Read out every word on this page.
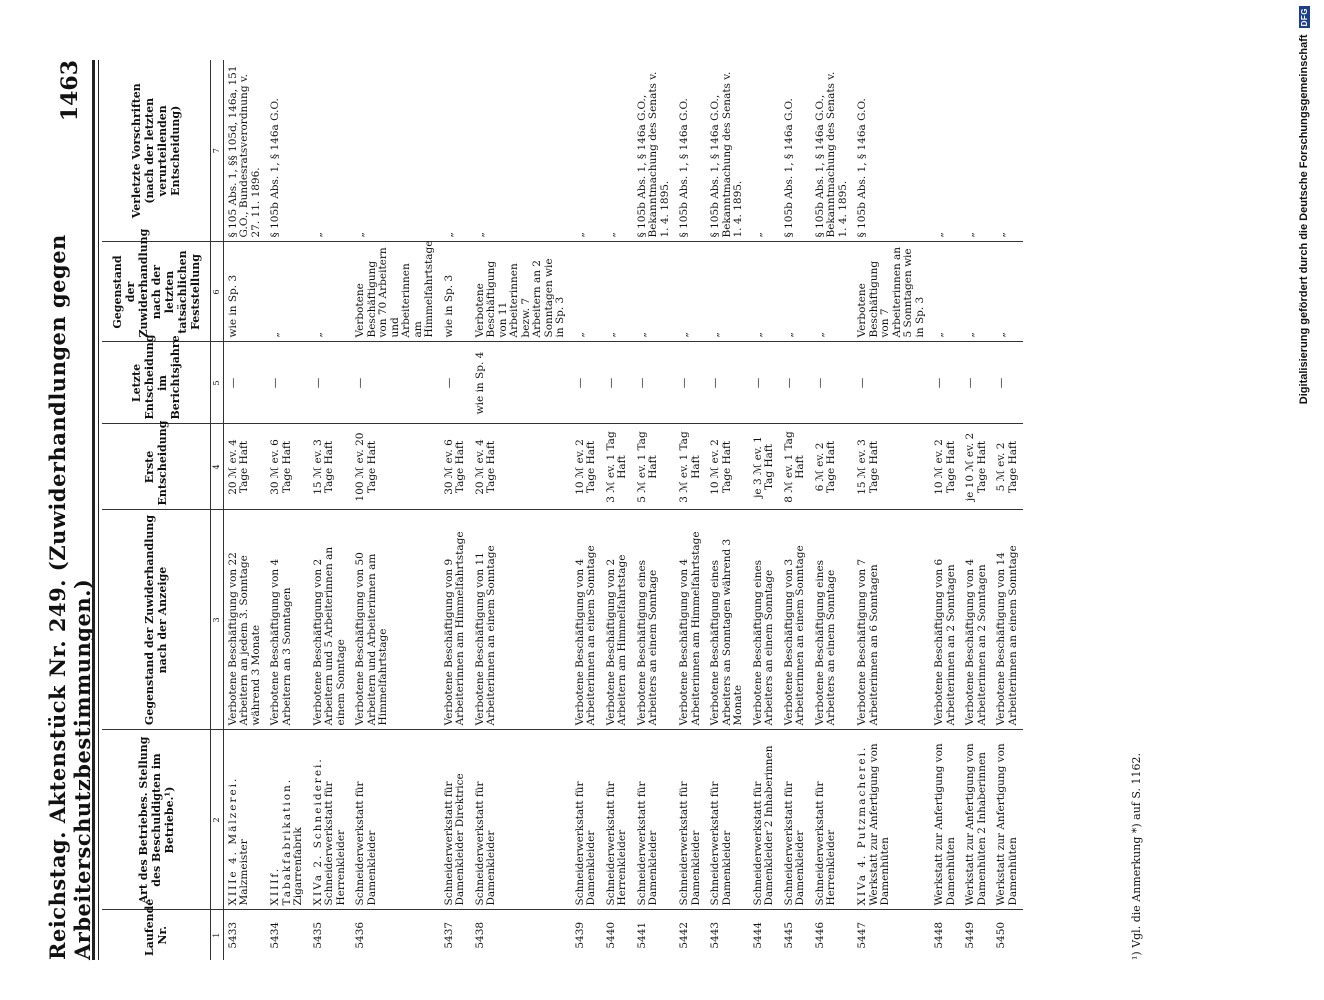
Reichstag. Aktenstück Nr. 249. (Zuwiderhandlungen gegen Arbeiterschutzbestimmungen.)
1463
Laufende Nr.	Art des Betriebes. Stellung des Beschuldigten im Betriebe.¹)	Gegenstand der Zuwiderhandlung nach der Anzeige	Erste Entscheidung	Letzte Entscheidung im Berichtsjahre	Gegenstand der Zuwiderhandlung nach der letzten tatsächlichen Feststellung	Verletzte Vorschriften (nach der letzten verurteilenden Entscheidung)
1	2	3	4	5	6	7
5433	XIIIe 4. Mälzerei. Malzmeister	Verbotene Beschäftigung von 22 Arbeitern an jedem 3. Sonntage während 3 Monate	20 ℳ ev. 4 Tage Haft	—	wie in Sp. 3	§ 105 Abs. 1, §§ 105d, 146a, 151 G.O., Bundesratsverordnung v. 27. 11. 1896.
5434	XIIIf. Tabakfabrikation. Zigarrenfabrik	Verbotene Beschäftigung von 4 Arbeitern an 3 Sonntagen	30 ℳ ev. 6 Tage Haft	—	„	§ 105b Abs. 1, § 146a G.O.
5435	XIVa 2. Schneiderei. Schneiderwerkstatt für Herrenkleider	Verbotene Beschäftigung von 2 Arbeitern und 5 Arbeiterinnen an einem Sonntage	15 ℳ ev. 3 Tage Haft	—	„	„
5436	Schneiderwerkstatt für Damenkleider	Verbotene Beschäftigung von 50 Arbeitern und Arbeiterinnen am Himmelfahrtstage	100 ℳ ev. 20 Tage Haft	—	Verbotene Beschäftigung von 70 Arbeitern und Arbeiterinnen am Himmelfahrtstage	„
5437	Schneiderwerkstatt für Damenkleider Direktrice	Verbotene Beschäftigung von 9 Arbeiterinnen am Himmelfahrtstage	30 ℳ ev. 6 Tage Haft	—	wie in Sp. 3	„
5438	Schneiderwerkstatt für Damenkleider	Verbotene Beschäftigung von 11 Arbeiterinnen an einem Sonntage	20 ℳ ev. 4 Tage Haft	wie in Sp. 4	Verbotene Beschäftigung von 11 Arbeiterinnen bezw. 7 Arbeitern an 2 Sonntagen wie in Sp. 3	„
5439	Schneiderwerkstatt für Damenkleider	Verbotene Beschäftigung von 4 Arbeiterinnen an einem Sonntage	10 ℳ ev. 2 Tage Haft	—	„	„
5440	Schneiderwerkstatt für Herrenkleider	Verbotene Beschäftigung von 2 Arbeitern am Himmelfahrtstage	3 ℳ ev. 1 Tag Haft	—	„	„
5441	Schneiderwerkstatt für Damenkleider	Verbotene Beschäftigung eines Arbeiters an einem Sonntage	5 ℳ ev. 1 Tag Haft	—	„	§ 105b Abs. 1, § 146a G.O., Bekanntmachung des Senats v. 1. 4. 1895.
5442	Schneiderwerkstatt für Damenkleider	Verbotene Beschäftigung von 4 Arbeiterinnen am Himmelfahrtstage	3 ℳ ev. 1 Tag Haft	—	„	§ 105b Abs. 1, § 146a G.O.
5443	Schneiderwerkstatt für Damenkleider	Verbotene Beschäftigung eines Arbeiters an Sonntagen während 3 Monate	10 ℳ ev. 2 Tage Haft	—	„	§ 105b Abs. 1, § 146a G.O., Bekanntmachung des Senats v. 1. 4. 1895.
5444	Schneiderwerkstatt für Damenkleider 2 Inhaberinnen	Verbotene Beschäftigung eines Arbeiters an einem Sonntage	je 3 ℳ ev. 1 Tag Haft	—	„	„
5445	Schneiderwerkstatt für Damenkleider	Verbotene Beschäftigung von 3 Arbeiterinnen an einem Sonntage	8 ℳ ev. 1 Tag Haft	—	„	§ 105b Abs. 1, § 146a G.O.
5446	Schneiderwerkstatt für Herrenkleider	Verbotene Beschäftigung eines Arbeiters an einem Sonntage	6 ℳ ev. 2 Tage Haft	—	„	§ 105b Abs. 1, § 146a G.O., Bekanntmachung des Senats v. 1. 4. 1895.
5447	XIVa 4. Putzmacherei. Werkstatt zur Anfertigung von Damenhüten	Verbotene Beschäftigung von 7 Arbeiterinnen an 6 Sonntagen	15 ℳ ev. 3 Tage Haft	—	Verbotene Beschäftigung von 7 Arbeiterinnen an 5 Sonntagen wie in Sp. 3	§ 105b Abs. 1, § 146a G.O.
5448	Werkstatt zur Anfertigung von Damenhüten	Verbotene Beschäftigung von 6 Arbeiterinnen an 2 Sonntagen	10 ℳ ev. 2 Tage Haft	—	„	„
5449	Werkstatt zur Anfertigung von Damenhüten 2 Inhaberinnen	Verbotene Beschäftigung von 4 Arbeiterinnen an 2 Sonntagen	je 10 ℳ ev. 2 Tage Haft	—	„	„
5450	Werkstatt zur Anfertigung von Damenhüten	Verbotene Beschäftigung von 14 Arbeiterinnen an einem Sonntage	5 ℳ ev. 2 Tage Haft	—	„	„
¹) Vgl. die Anmerkung *) auf S. 1162.
Digitalisierung gefördert durch die Deutsche Forschungsgemeinschaft
DFG
